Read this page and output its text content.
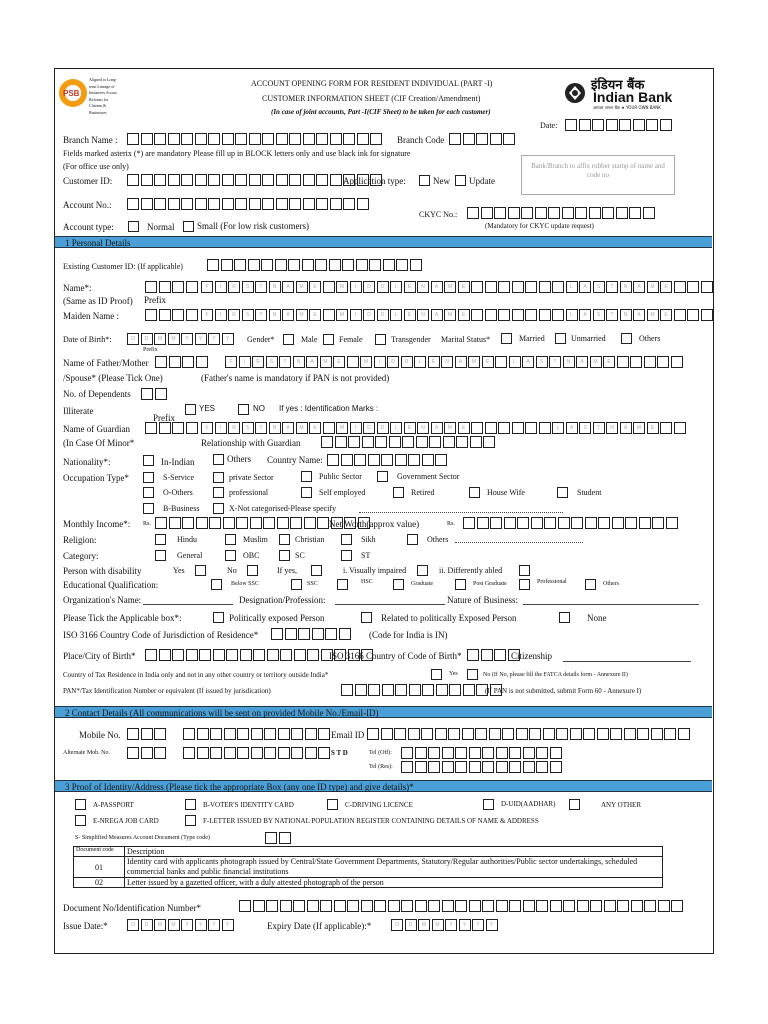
PSB
Aligned to Long-term Lineage of Initiatives Across Reforms for Citizens & Businesses
ACCOUNT OPENING FORM FOR RESIDENT INDIVIDUAL (PART -I)
CUSTOMER INFORMATION SHEET (CIF Creation/Amendment)
(In case of joint accounts, Part -I(CIF Sheet) to be taken for each customer)
इंडियन बैंक
Indian Bank
आपका अपना बैंक ★ YOUR OWN BANK
Date:
Branch Name :	Branch Code
Fields marked asterix (*) are mandatory Please fill up in BLOCK letters only and use black ink for signature
(For office use only)	Bank/Branch to affix rubber stamp of name and code no
Customer ID:	Application type:	New Update
Account No.:
CKYC No.:
(Mandatory for CKYC update request)
Account type:	Normal	Small (For low risk customers)
1 Personal Details
Existing Customer ID: (If applicable)
Name*:	F	I	R	S	T	N	A	M	E	M	I	D	D	L	E	N	A	M	E	L	A	S	T	N	A	M	E
(Same as ID Proof) Prefix
Maiden Name :	F	I	R	S	T	N	A	M	E	M	I	D	D	L	E	N	A	M	E	L	A	S	T	N	A	M	E
Date of Birth*:	D	D	M	M	Y	Y	Y	Y	Gender*	Male	Female	Transgender Marital Status*	Married	Unmarried	Others
Prefix
Name of Father/Mother	F	I	R	S	T	N	A	M	E	M	I	D	D	L	E	N	A	M	E	L	A	S	T	N	A	M	E
/Spouse* (Please Tick One)	(Father's name is mandatory if PAN is not provided)
No. of Dependents
Illiterate	YES	NO If yes : Identification Marks :
Prefix
Name of Guardian	F	I	R	S	T	N	A	M	E	M	I	D	D	L	E	N	A	M	E	L	A	S	T	N	A	M	E
(In Case Of Minor*	Relationship with Guardian
Nationality*:	In-Indian	Others Country Name:
Occupation Type*	S-Service	private Sector	Public Sector	Government Sector
O-Others	professional	Self employed	Retired	House Wife	Student
B-Business	X-Not categorised-Please specify
Monthly Income*: Rs.	Net Worth(approx value)	Rs.
Religion:	Hindu	Muslim	Christian	Sikh	Others
Category:	General	OBC	SC	ST
Person with disability	Yes	No	If yes,	i. Visually impaired	ii. Differently abled
Educational Qualification:	Below SSC	SSC	HSC	Graduate	Post Graduate	Professional	Others
Organization's Name:	Designation/Profession:	Nature of Business:
Please Tick the Applicable box*:	Politically exposed Person	Related to politically Exposed Person	None
ISO 3166 Country Code of Jurisdiction of Residence*	(Code for India is IN)
Place/City of Birth*	ISO 3166 Country of Code of Birth*	Citizenship
Country of Tax Residence in India only and not in any other country or territory outside India*	Yes	No (If No, please fill the FATCA details form - Annexure II)
PAN*/Tax Identification Number or equivalent (If issued by jurisdication)	(If PAN is not submitted, submit Form 60 - Annexure I)
2 Contact Details (All communications will be sent on provided Mobile No./Email-ID)
Mobile No.	Email ID
Alternate Mob. No.	S T D	Tel (Off):
Tel (Res):
3 Proof of Identity/Address (Please tick the appropriate Box (any one ID type) and give details)*
A-PASSPORT	B-VOTER'S IDENTITY CARD	C-DRIVING LICENCE	D-UID(AADHAR)	ANY OTHER
E-NREGA JOB CARD	F-LETTER ISSUED BY NATIONAL POPULATION REGISTER CONTAINING DETAILS OF NAME & ADDRESS
S- Simplified Measures Account Document (Type code)
Document code	Description
01	Identity card with applicants photograph issued by Central/State Government Departments, Statutory/Regular authorities/Public sector undertakings, scheduled commercial banks and public financial institutions
02	Letter issued by a gazetted officer, with a duly attested photograph of the person
Document No/Identification Number*
Issue Date:*	D	D	M	M	Y	Y	Y	Y	Expiry Date (If applicable):*	D	D	M	M	Y	Y	Y	Y
